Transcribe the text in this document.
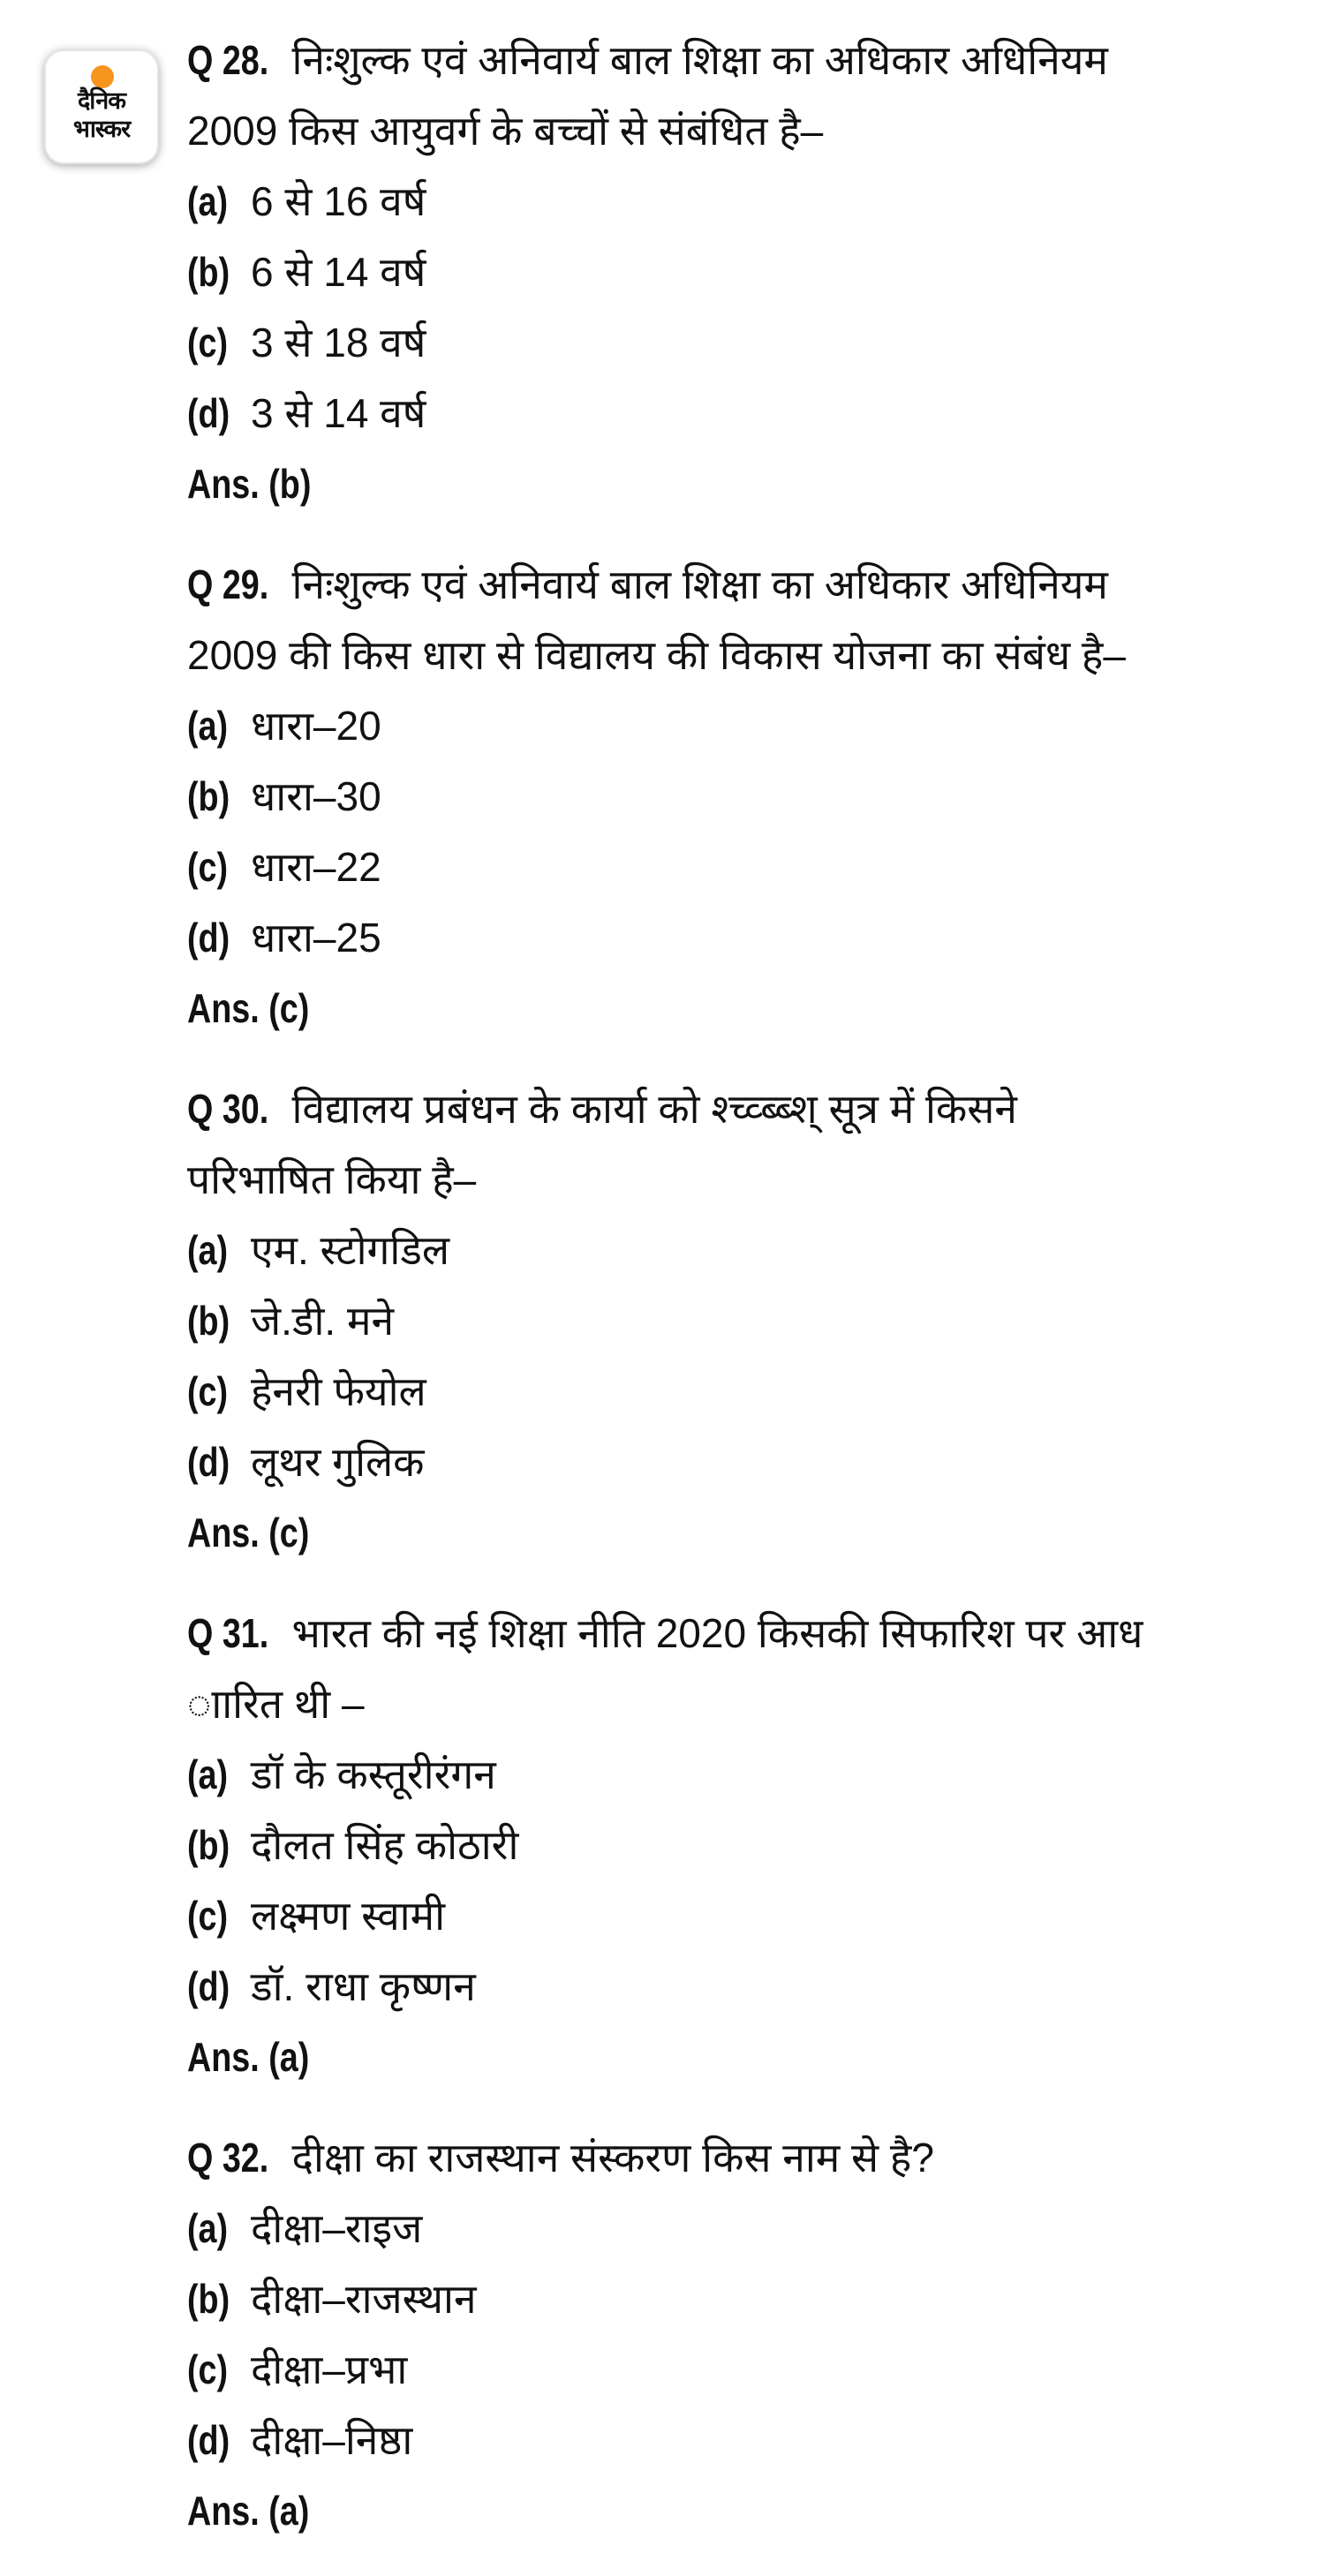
दैनिक
भास्कर
Q 28. निःशुल्क एवं अनिवार्य बाल शिक्षा का अधिकार अधिनियम
2009 किस आयुवर्ग के बच्चों से संबंधित है–
(a) 6 से 16 वर्ष
(b) 6 से 14 वर्ष
(c) 3 से 18 वर्ष
(d)3 से 14 वर्ष
Ans. (b)
Q 29. निःशुल्क एवं अनिवार्य बाल शिक्षा का अधिकार अधिनियम
2009 की किस धारा से विद्यालय की विकास योजना का संबंध है–
(a) धारा–20
(b) धारा–30
(c) धारा–22
(d) धारा–25
Ans. (c)
Q 30. विद्यालय प्रबंधन के कार्या को श्च्व्ब्ब्श् सूत्र में किसने
परिभाषित किया है–
(a) एम. स्टोगडिल
(b) जे.डी. मने
(c) हेनरी फेयोल
(d) लूथर गुलिक
Ans. (c)
Q 31. भारत की नई शिक्षा नीति 2020 किसकी सिफारिश पर आध
ाारित थी –
(a) डॉ के कस्तूरीरंगन
(b) दौलत सिंह कोठारी
(c) लक्ष्मण स्वामी
(d) डॉ. राधा कृष्णन
Ans. (a)
Q 32. दीक्षा का राजस्थान संस्करण किस नाम से है?
(a) दीक्षा–राइज
(b) दीक्षा–राजस्थान
(c) दीक्षा–प्रभा
(d) दीक्षा–निष्ठा
Ans. (a)
